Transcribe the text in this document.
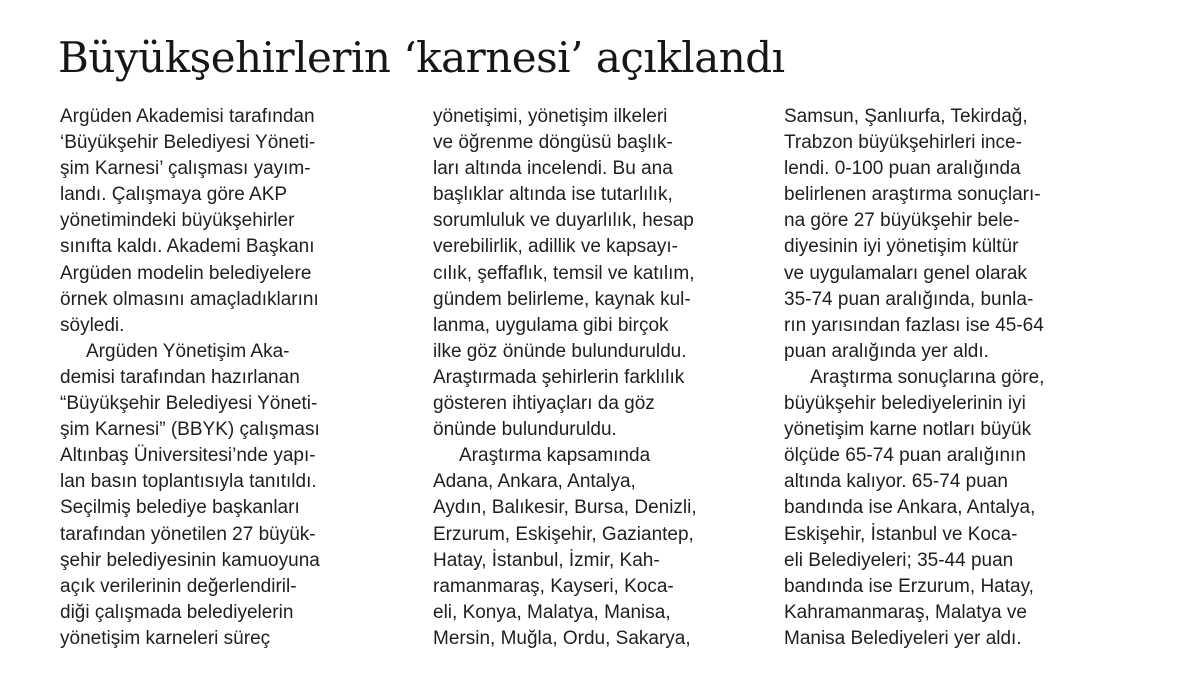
Büyükşehirlerin ‘karnesi’ açıklandı
Argüden Akademisi tarafından
‘Büyükşehir Belediyesi Yöneti-
şim Karnesi’ çalışması yayım-
landı. Çalışmaya göre AKP
yönetimindeki büyükşehirler
sınıfta kaldı. Akademi Başkanı
Argüden modelin belediyelere
örnek olmasını amaçladıklarını
söyledi.
Argüden Yönetişim Aka-
demisi tarafından hazırlanan
“Büyükşehir Belediyesi Yöneti-
şim Karnesi” (BBYK) çalışması
Altınbaş Üniversitesi’nde yapı-
lan basın toplantısıyla tanıtıldı.
Seçilmiş belediye başkanları
tarafından yönetilen 27 büyük-
şehir belediyesinin kamuoyuna
açık verilerinin değerlendiril-
diği çalışmada belediyelerin
yönetişim karneleri süreç
yönetişimi, yönetişim ilkeleri
ve öğrenme döngüsü başlık-
ları altında incelendi. Bu ana
başlıklar altında ise tutarlılık,
sorumluluk ve duyarlılık, hesap
verebilirlik, adillik ve kapsayı-
cılık, şeffaflık, temsil ve katılım,
gündem belirleme, kaynak kul-
lanma, uygulama gibi birçok
ilke göz önünde bulunduruldu.
Araştırmada şehirlerin farklılık
gösteren ihtiyaçları da göz
önünde bulunduruldu.
Araştırma kapsamında
Adana, Ankara, Antalya,
Aydın, Balıkesir, Bursa, Denizli,
Erzurum, Eskişehir, Gaziantep,
Hatay, İstanbul, İzmir, Kah-
ramanmaraş, Kayseri, Koca-
eli, Konya, Malatya, Manisa,
Mersin, Muğla, Ordu, Sakarya,
Samsun, Şanlıurfa, Tekirdağ,
Trabzon büyükşehirleri ince-
lendi. 0-100 puan aralığında
belirlenen araştırma sonuçları-
na göre 27 büyükşehir bele-
diyesinin iyi yönetişim kültür
ve uygulamaları genel olarak
35-74 puan aralığında, bunla-
rın yarısından fazlası ise 45-64
puan aralığında yer aldı.
Araştırma sonuçlarına göre,
büyükşehir belediyelerinin iyi
yönetişim karne notları büyük
ölçüde 65-74 puan aralığının
altında kalıyor. 65-74 puan
bandında ise Ankara, Antalya,
Eskişehir, İstanbul ve Koca-
eli Belediyeleri; 35-44 puan
bandında ise Erzurum, Hatay,
Kahramanmaraş, Malatya ve
Manisa Belediyeleri yer aldı.
